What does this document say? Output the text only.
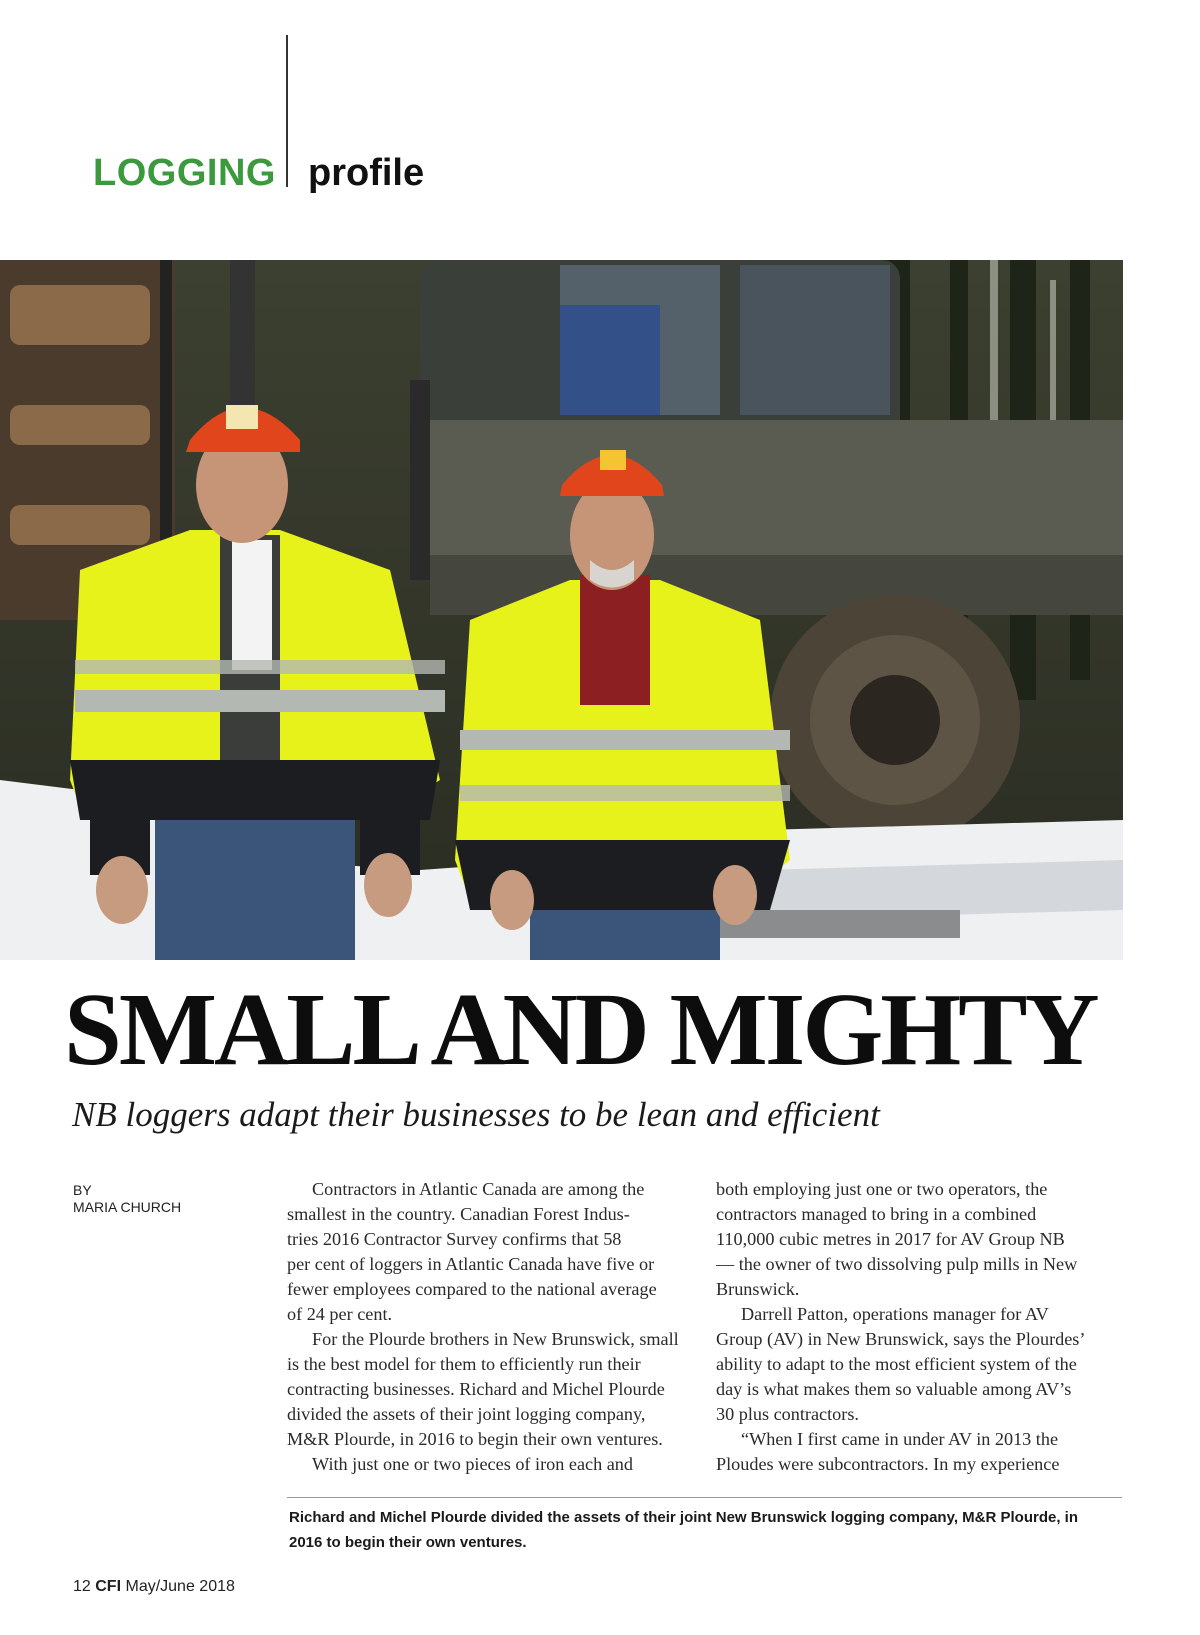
LOGGING profile
SMALL AND MIGHTY
NB loggers adapt their businesses to be lean and efficient
BY
MARIA CHURCH

Contractors in Atlantic Canada are among the

smallest in the country. Canadian Forest Indus-

tries 2016 Contractor Survey confirms that 58

per cent of loggers in Atlantic Canada have five or

fewer employees compared to the national average

of 24 per cent.

For the Plourde brothers in New Brunswick, small

is the best model for them to efficiently run their

contracting businesses. Richard and Michel Plourde

divided the assets of their joint logging company,

M&R Plourde, in 2016 to begin their own ventures.

With just one or two pieces of iron each and

both employing just one or two operators, the

contractors managed to bring in a combined

110,000 cubic metres in 2017 for AV Group NB

— the owner of two dissolving pulp mills in New

Brunswick.

Darrell Patton, operations manager for AV

Group (AV) in New Brunswick, says the Plourdes’

ability to adapt to the most efficient system of the

day is what makes them so valuable among AV’s

30 plus contractors.

“When I first came in under AV in 2013 the

Ploudes were subcontractors. In my experience

Richard and Michel Plourde divided the assets of their joint New Brunswick logging company, M&R Plourde, in
2016 to begin their own ventures.
12 CFI May/June 2018
